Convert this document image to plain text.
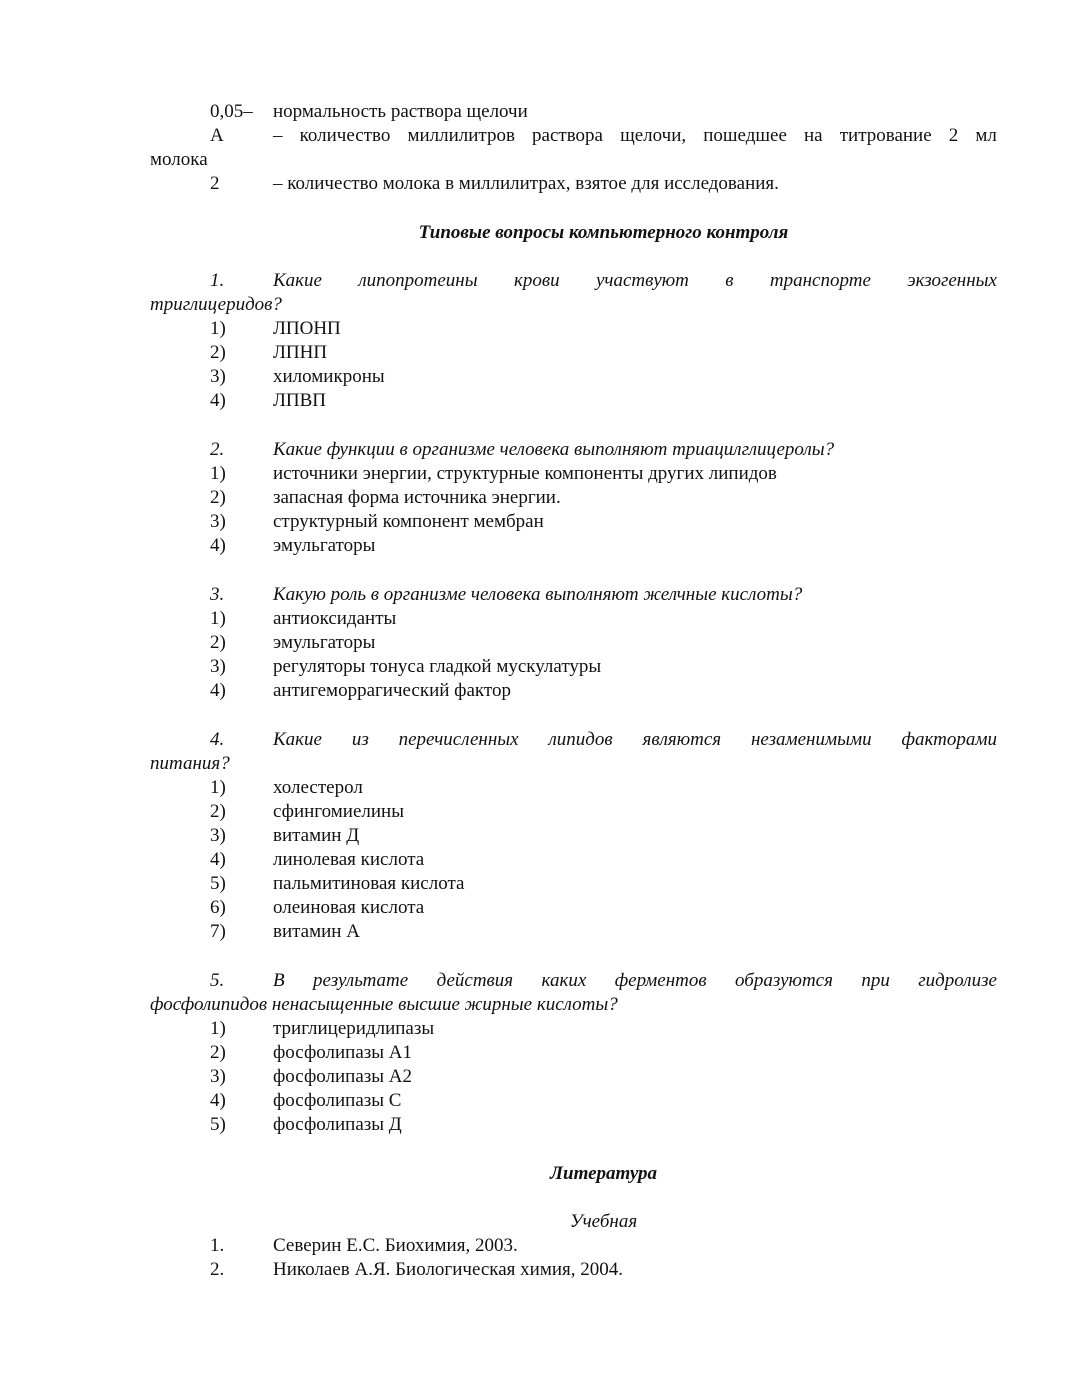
0,05– нормальность раствора щелочи
A	– количество миллилитров раствора щелочи, пошедшее на титрование 2 мл
молока
2	– количество молока в миллилитрах, взятое для исследования.
Типовые вопросы компьютерного контроля
1.	Какие липопротеины крови участвуют в транспорте экзогенных
триглицеридов?
1) ЛПОНП
2) ЛПНП
3) хиломикроны
4) ЛПВП
2.	Какие функции в организме человека выполняют триацилглицеролы?
1) источники энергии, структурные компоненты других липидов
2) запасная форма источника энергии.
3) структурный компонент мембран
4) эмульгаторы
3.	Какую роль в организме человека выполняют желчные кислоты?
1) антиоксиданты
2) эмульгаторы
3) регуляторы тонуса гладкой мускулатуры
4) антигеморрагический фактор
4.	Какие из перечисленных липидов являются незаменимыми факторами
питания?
1) холестерол
2) сфингомиелины
3) витамин Д
4) линолевая кислота
5) пальмитиновая кислота
6) олеиновая кислота
7) витамин А
5.	В результате действия каких ферментов образуются при гидролизе
фосфолипидов ненасыщенные высшие жирные кислоты?
1) триглицеридлипазы
2) фосфолипазы А1
3) фосфолипазы А2
4) фосфолипазы С
5) фосфолипазы Д
Литература
Учебная
1.	Северин Е.С. Биохимия, 2003.
2.	Николаев А.Я. Биологическая химия, 2004.
